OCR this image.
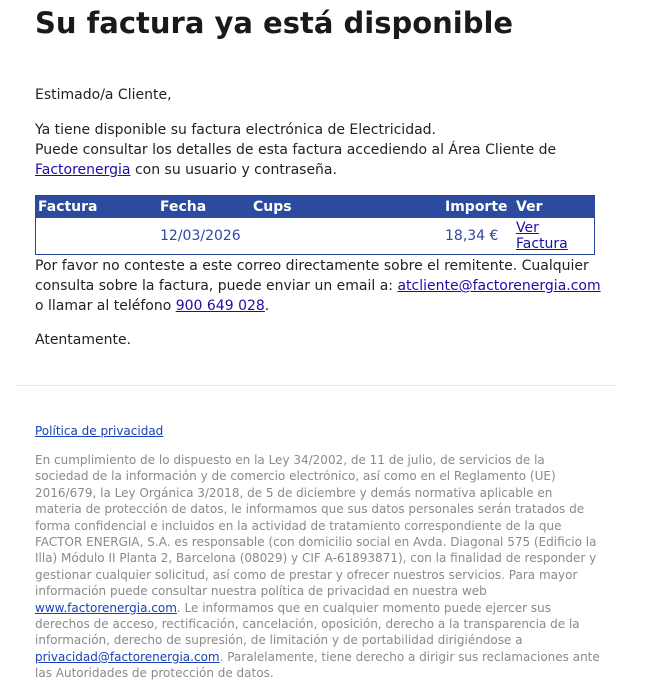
Su factura ya está disponible
Estimado/a Cliente,
Ya tiene disponible su factura electrónica de Electricidad.
Puede consultar los detalles de esta factura accediendo al Área Cliente de
Factorenergia con su usuario y contraseña.
Factura	Fecha	Cups	Importe	Ver
	12/03/2026		18,34 €	Ver Factura
Por favor no conteste a este correo directamente sobre el remitente. Cualquier consulta sobre la factura, puede enviar un email a: atcliente@factorenergia.com o llamar al teléfono 900 649 028.
Atentamente.
Política de privacidad
En cumplimiento de lo dispuesto en la Ley 34/2002, de 11 de julio, de servicios de la sociedad de la información y de comercio electrónico, así como en el Reglamento (UE) 2016/679, la Ley Orgánica 3/2018, de 5 de diciembre y demás normativa aplicable en materia de protección de datos, le informamos que sus datos personales serán tratados de forma confidencial e incluidos en la actividad de tratamiento correspondiente de la que FACTOR ENERGIA, S.A. es responsable (con domicilio social en Avda. Diagonal 575 (Edificio la Illa) Módulo II Planta 2, Barcelona (08029) y CIF A-61893871), con la finalidad de responder y gestionar cualquier solicitud, así como de prestar y ofrecer nuestros servicios. Para mayor información puede consultar nuestra política de privacidad en nuestra web www.factorenergia.com. Le informamos que en cualquier momento puede ejercer sus derechos de acceso, rectificación, cancelación, oposición, derecho a la transparencia de la información, derecho de supresión, de limitación y de portabilidad dirigiéndose a privacidad@factorenergia.com. Paralelamente, tiene derecho a dirigir sus reclamaciones ante las Autoridades de protección de datos.
